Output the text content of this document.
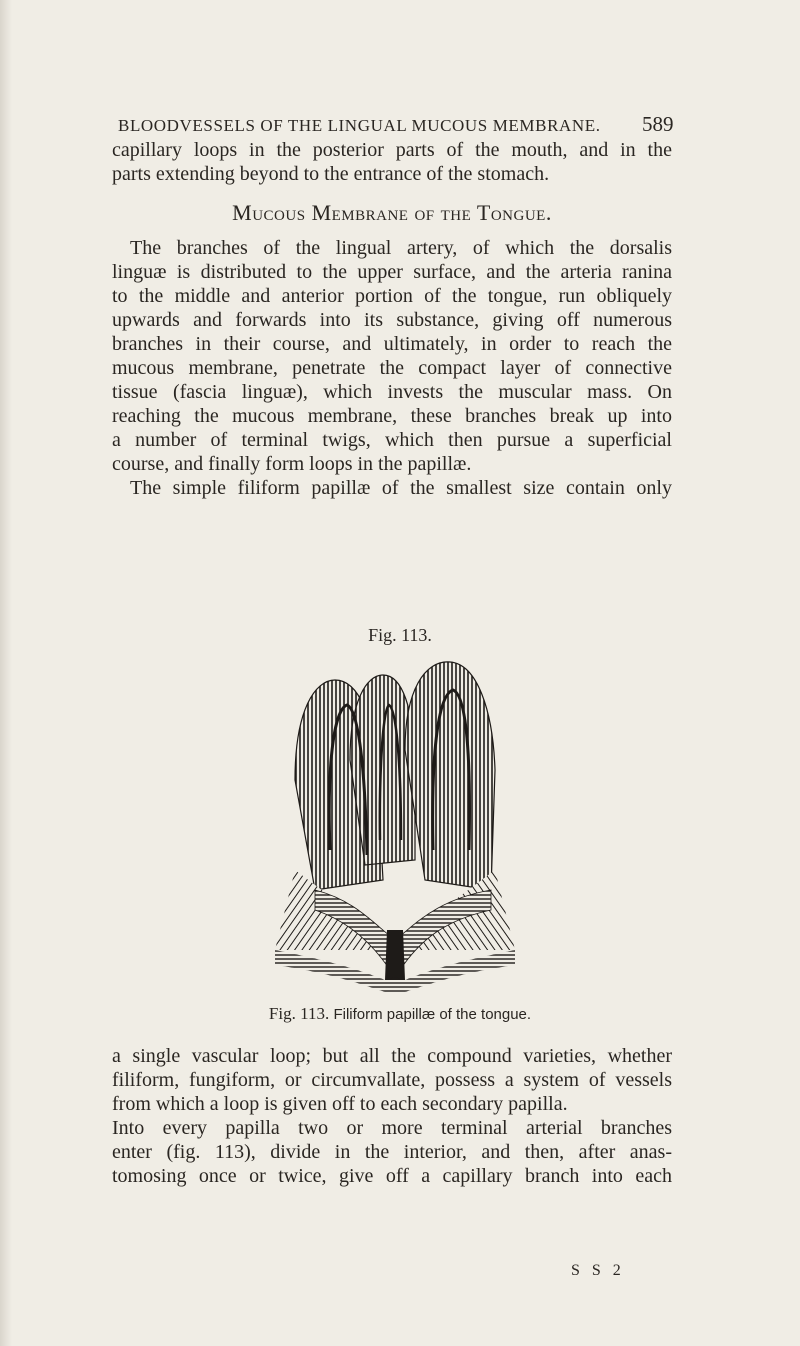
BLOODVESSELS OF THE LINGUAL MUCOUS MEMBRANE. 589
capillary loops in the posterior parts of the mouth, and in the
parts extending beyond to the entrance of the stomach.
Mucous Membrane of the Tongue.
The branches of the lingual artery, of which the dorsalis
linguæ is distributed to the upper surface, and the arteria ranina
to the middle and anterior portion of the tongue, run obliquely
upwards and forwards into its substance, giving off numerous
branches in their course, and ultimately, in order to reach the
mucous membrane, penetrate the compact layer of connective
tissue (fascia linguæ), which invests the muscular mass. On
reaching the mucous membrane, these branches break up into
a number of terminal twigs, which then pursue a superficial
course, and finally form loops in the papillæ.
The simple filiform papillæ of the smallest size contain only
Fig. 113.
Fig. 113. Filiform papillæ of the tongue.
a single vascular loop; but all the compound varieties, whether
filiform, fungiform, or circumvallate, possess a system of vessels
from which a loop is given off to each secondary papilla.
Into every papilla two or more terminal arterial branches
enter (fig. 113), divide in the interior, and then, after anas-
tomosing once or twice, give off a capillary branch into each
S S 2
